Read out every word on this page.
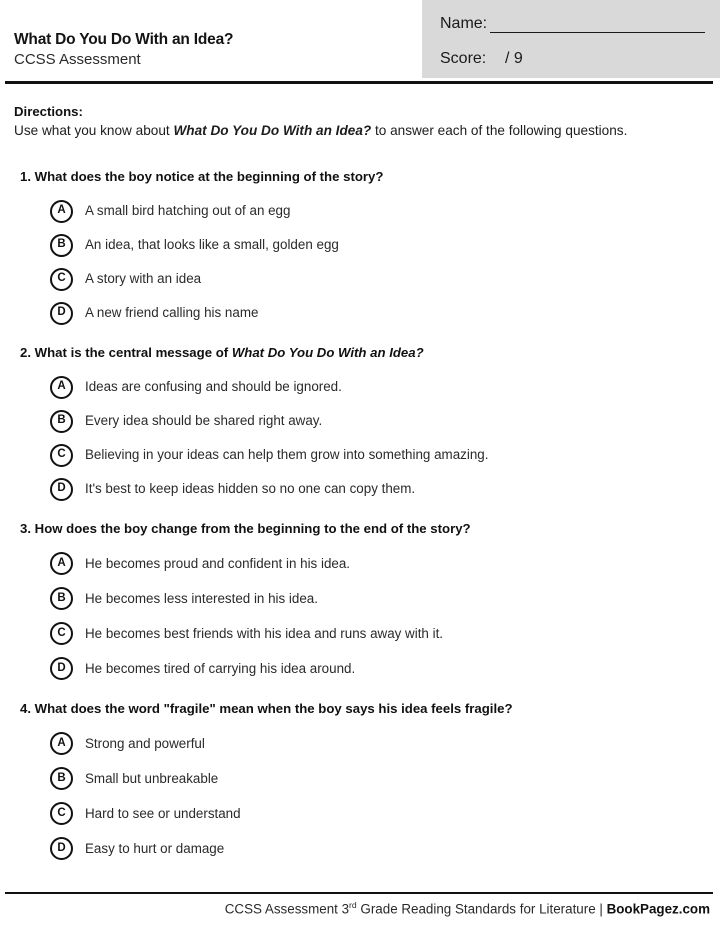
What Do You Do With an Idea?
CCSS Assessment
Name:
Score: / 9
Directions:
Use what you know about What Do You Do With an Idea? to answer each of the following questions.
1. What does the boy notice at the beginning of the story?
A	A small bird hatching out of an egg
B	An idea, that looks like a small, golden egg
C	A story with an idea
D	A new friend calling his name
2. What is the central message of What Do You Do With an Idea?
A	Ideas are confusing and should be ignored.
B	Every idea should be shared right away.
C	Believing in your ideas can help them grow into something amazing.
D	It's best to keep ideas hidden so no one can copy them.
3. How does the boy change from the beginning to the end of the story?
A	He becomes proud and confident in his idea.
B	He becomes less interested in his idea.
C	He becomes best friends with his idea and runs away with it.
D	He becomes tired of carrying his idea around.
4. What does the word "fragile" mean when the boy says his idea feels fragile?
A	Strong and powerful
B	Small but unbreakable
C	Hard to see or understand
D	Easy to hurt or damage
CCSS Assessment 3rd Grade Reading Standards for Literature | BookPagez.com
